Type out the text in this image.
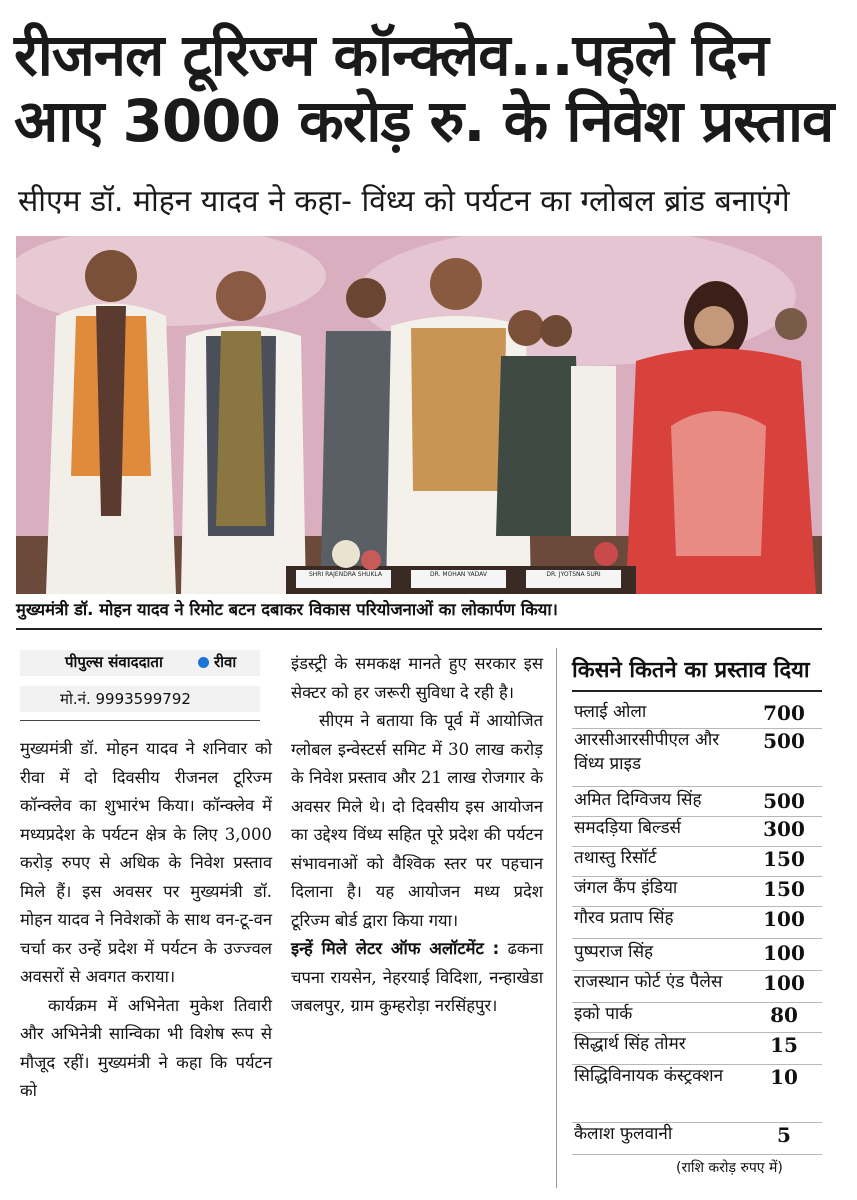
रीजनल टूरिज्म कॉन्क्लेव...पहले दिन
आए 3000 करोड़ रु. के निवेश प्रस्ताव
सीएम डॉ. मोहन यादव ने कहा- विंध्य को पर्यटन का ग्लोबल ब्रांड बनाएंगे
SHRI RAJENDRA SHUKLA	DR. MOHAN YADAV	DR. JYOTSNA SURI
मुख्यमंत्री डॉ. मोहन यादव ने रिमोट बटन दबाकर विकास परियोजनाओं का लोकार्पण किया।
पीपुल्स संवाददाता	रीवा
मो.नं. 9993599792

मुख्यमंत्री डॉ. मोहन यादव ने शनिवार को रीवा में दो दिवसीय रीजनल टूरिज्म कॉन्क्लेव का शुभारंभ किया। कॉन्क्लेव में मध्यप्रदेश के पर्यटन क्षेत्र के लिए 3,000 करोड़ रुपए से अधिक के निवेश प्रस्ताव मिले हैं। इस अवसर पर मुख्यमंत्री डॉ. मोहन यादव ने निवेशकों के साथ वन-टू-वन चर्चा कर उन्हें प्रदेश में पर्यटन के उज्ज्वल अवसरों से अवगत कराया।

कार्यक्रम में अभिनेता मुकेश तिवारी और अभिनेत्री सान्विका भी विशेष रूप से मौजूद रहीं। मुख्यमंत्री ने कहा कि पर्यटन को

इंडस्ट्री के समकक्ष मानते हुए सरकार इस सेक्टर को हर जरूरी सुविधा दे रही है।

सीएम ने बताया कि पूर्व में आयोजित ग्लोबल इन्वेस्टर्स समिट में 30 लाख करोड़ के निवेश प्रस्ताव और 21 लाख रोजगार के अवसर मिले थे। दो दिवसीय इस आयोजन का उद्देश्य विंध्य सहित पूरे प्रदेश की पर्यटन संभावनाओं को वैश्विक स्तर पर पहचान दिलाना है। यह आयोजन मध्य प्रदेश टूरिज्म बोर्ड द्वारा किया गया।

इन्हें मिले लेटर ऑफ अलॉटमेंट : ढकना चपना रायसेन, नेहरयाई विदिशा, नन्हाखेडा जबलपुर, ग्राम कुम्हरोड़ा नरसिंहपुर।

किसने कितने का प्रस्ताव दिया
फ्लाई ओला	700
आरसीआरसीपीएल और विंध्य प्राइड
500
अमित दिग्विजय सिंह	500
समदड़िया बिल्डर्स	300
तथास्तु रिसॉर्ट	150
जंगल कैंप इंडिया	150
गौरव प्रताप सिंह	100
पुष्पराज सिंह	100
राजस्थान फोर्ट एंड पैलेस	100
इको पार्क	80
सिद्धार्थ सिंह तोमर	15
सिद्धिविनायक कंस्ट्रक्शन	10
कैलाश फुलवानी	5
(राशि करोड़ रुपए में)
